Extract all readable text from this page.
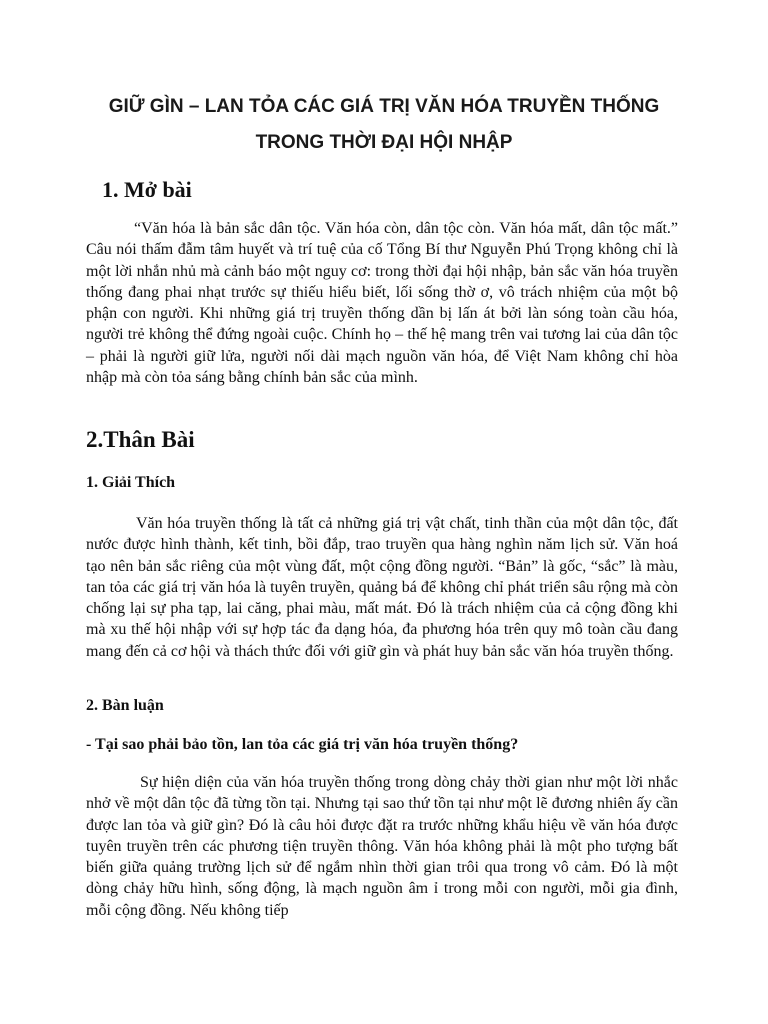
GIỮ GÌN – LAN TỎA CÁC GIÁ TRỊ VĂN HÓA TRUYỀN THỐNG
TRONG THỜI ĐẠI HỘI NHẬP
1. Mở bài

“Văn hóa là bản sắc dân tộc. Văn hóa còn, dân tộc còn. Văn hóa mất, dân tộc mất.” Câu nói thấm đẫm tâm huyết và trí tuệ của cố Tổng Bí thư Nguyễn Phú Trọng không chỉ là một lời nhắn nhủ mà cảnh báo một nguy cơ: trong thời đại hội nhập, bản sắc văn hóa truyền thống đang phai nhạt trước sự thiếu hiểu biết, lối sống thờ ơ, vô trách nhiệm của một bộ phận con người. Khi những giá trị truyền thống dần bị lấn át bởi làn sóng toàn cầu hóa, người trẻ không thể đứng ngoài cuộc. Chính họ – thế hệ mang trên vai tương lai của dân tộc – phải là người giữ lửa, người nối dài mạch nguồn văn hóa, để Việt Nam không chỉ hòa nhập mà còn tỏa sáng bằng chính bản sắc của mình.

2.Thân Bài
1. Giải Thích

Văn hóa truyền thống là tất cả những giá trị vật chất, tinh thần của một dân tộc, đất nước được hình thành, kết tinh, bồi đắp, trao truyền qua hàng nghìn năm lịch sử. Văn hoá tạo nên bản sắc riêng của một vùng đất, một cộng đồng người. “Bản” là gốc, “sắc” là màu, tan tỏa các giá trị văn hóa là tuyên truyền, quảng bá để không chỉ phát triển sâu rộng mà còn chống lại sự pha tạp, lai căng, phai màu, mất mát. Đó là trách nhiệm của cả cộng đồng khi mà xu thế hội nhập với sự hợp tác đa dạng hóa, đa phương hóa trên quy mô toàn cầu đang mang đến cả cơ hội và thách thức đối với giữ gìn và phát huy bản sắc văn hóa truyền thống.

2. Bàn luận
- Tại sao phải bảo tồn, lan tỏa các giá trị văn hóa truyền thống?

Sự hiện diện của văn hóa truyền thống trong dòng chảy thời gian như một lời nhắc nhở về một dân tộc đã từng tồn tại. Nhưng tại sao thứ tồn tại như một lẽ đương nhiên ấy cần được lan tỏa và giữ gìn? Đó là câu hỏi được đặt ra trước những khẩu hiệu về văn hóa được tuyên truyền trên các phương tiện truyền thông. Văn hóa không phải là một pho tượng bất biến giữa quảng trường lịch sử để ngắm nhìn thời gian trôi qua trong vô cảm. Đó là một dòng chảy hữu hình, sống động, là mạch nguồn âm ỉ trong mỗi con người, mỗi gia đình, mỗi cộng đồng. Nếu không tiếp
